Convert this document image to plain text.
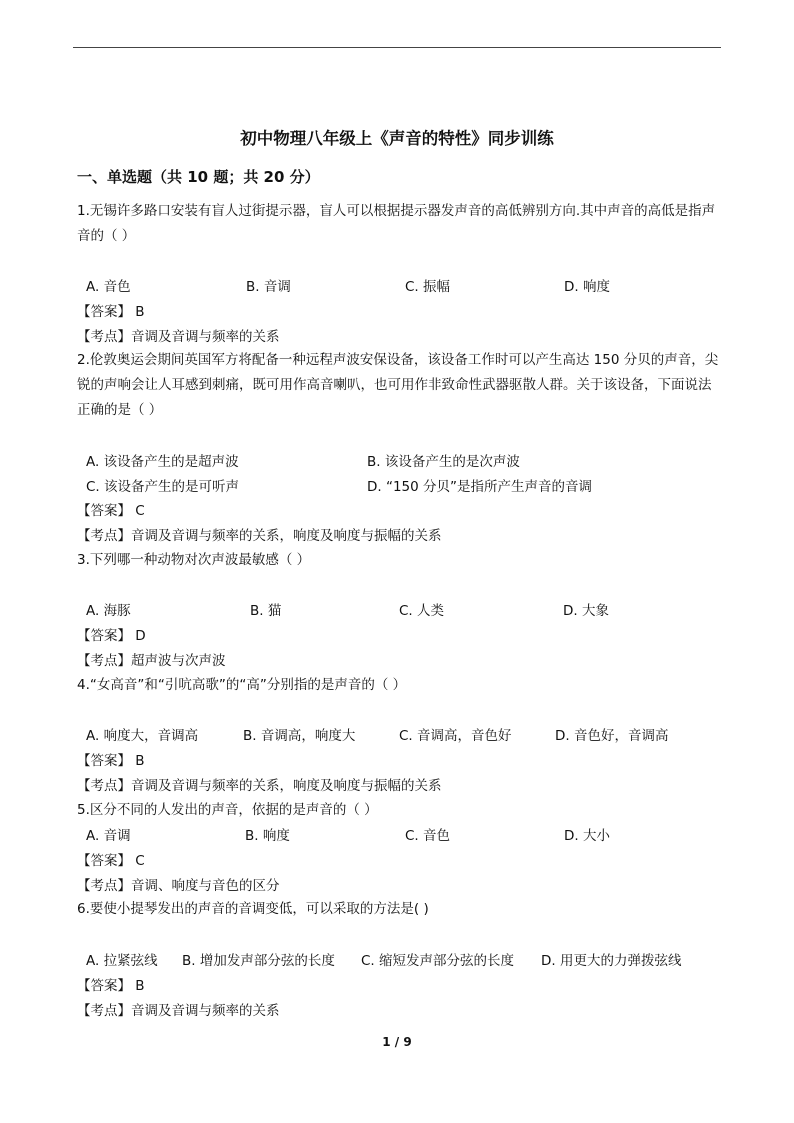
初中物理八年级上《声音的特性》同步训练
一、单选题（共 10 题；共 20 分）
1.无锡许多路口安装有盲人过街提示器，盲人可以根据提示器发声音的高低辨别方向.其中声音的高低是指声音的（ ）
A. 音色	B. 音调	C. 振幅	D. 响度
【答案】 B
【考点】音调及音调与频率的关系
2.伦敦奥运会期间英国军方将配备一种远程声波安保设备，该设备工作时可以产生高达 150 分贝的声音，尖锐的声响会让人耳感到刺痛，既可用作高音喇叭，也可用作非致命性武器驱散人群。关于该设备，下面说法正确的是（ ）
A. 该设备产生的是超声波	B. 该设备产生的是次声波
C. 该设备产生的是可听声	D. “150 分贝”是指所产生声音的音调
【答案】 C
【考点】音调及音调与频率的关系，响度及响度与振幅的关系
3.下列哪一种动物对次声波最敏感（ ）
A. 海豚	B. 猫	C. 人类	D. 大象
【答案】 D
【考点】超声波与次声波
4.“女高音”和“引吭高歌”的“高”分别指的是声音的（ ）
A. 响度大，音调高	B. 音调高，响度大	C. 音调高，音色好	D. 音色好，音调高
【答案】 B
【考点】音调及音调与频率的关系，响度及响度与振幅的关系
5.区分不同的人发出的声音，依据的是声音的（ ）
A. 音调	B. 响度	C. 音色	D. 大小
【答案】 C
【考点】音调、响度与音色的区分
6.要使小提琴发出的声音的音调变低，可以采取的方法是( )
A. 拉紧弦线 B. 增加发声部分弦的长度 C. 缩短发声部分弦的长度 D. 用更大的力弹拨弦线
【答案】 B
【考点】音调及音调与频率的关系
1 / 9
